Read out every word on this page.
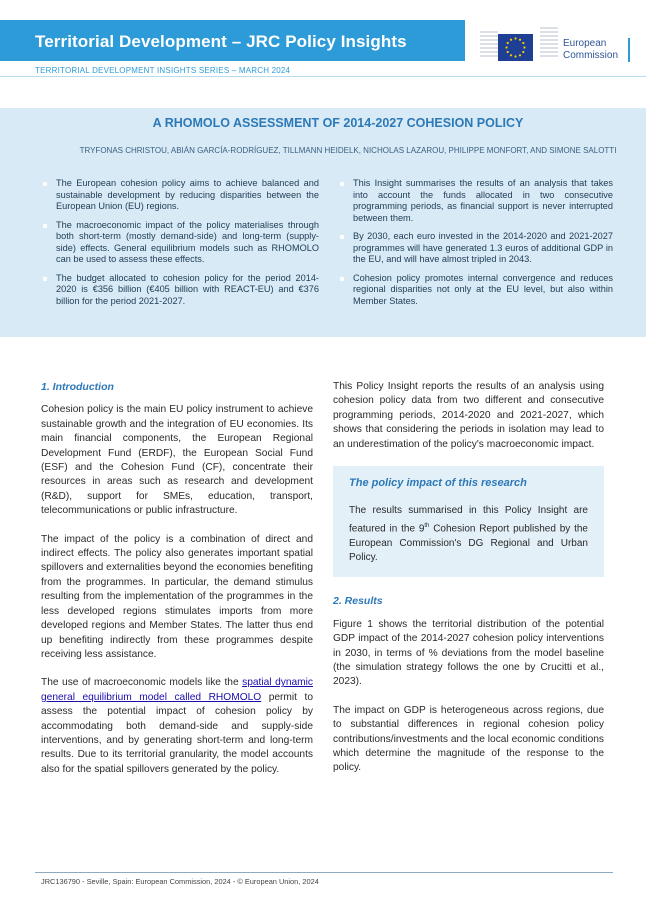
Territorial Development – JRC Policy Insights	European
Commission
TERRITORIAL DEVELOPMENT INSIGHTS SERIES – MARCH 2024
A RHOMOLO ASSESSMENT OF 2014-2027 COHESION POLICY
TRYFONAS CHRISTOU, ABIÁN GARCÍA-RODRÍGUEZ, TILLMANN HEIDELK, NICHOLAS LAZAROU, PHILIPPE MONFORT, AND SIMONE SALOTTI
The European cohesion policy aims to achieve balanced and sustainable development by reducing disparities between the European Union (EU) regions.
The macroeconomic impact of the policy materialises through both short-term (mostly demand-side) and long-term (supply-side) effects. General equilibrium models such as RHOMOLO can be used to assess these effects.
The budget allocated to cohesion policy for the period 2014-2020 is €356 billion (€405 billion with REACT-EU) and €376 billion for the period 2021-2027.
This Insight summarises the results of an analysis that takes into account the funds allocated in two consecutive programming periods, as financial support is never interrupted between them.
By 2030, each euro invested in the 2014-2020 and 2021-2027 programmes will have generated 1.3 euros of additional GDP in the EU, and will have almost tripled in 2043.
Cohesion policy promotes internal convergence and reduces regional disparities not only at the EU level, but also within Member States.
1. Introduction

Cohesion policy is the main EU policy instrument to achieve sustainable growth and the integration of EU economies. Its main financial components, the European Regional Development Fund (ERDF), the European Social Fund (ESF) and the Cohesion Fund (CF), concentrate their resources in areas such as research and development (R&D), support for SMEs, education, transport, telecommunications or public infrastructure.

The impact of the policy is a combination of direct and indirect effects. The policy also generates important spatial spillovers and externalities beyond the economies benefiting from the programmes. In particular, the demand stimulus resulting from the implementation of the programmes in the less developed regions stimulates imports from more developed regions and Member States. The latter thus end up benefiting indirectly from these programmes despite receiving less assistance.

The use of macroeconomic models like the spatial dynamic general equilibrium model called RHOMOLO permit to assess the potential impact of cohesion policy by accommodating both demand-side and supply-side interventions, and by generating short-term and long-term results. Due to its territorial granularity, the model accounts also for the spatial spillovers generated by the policy.

This Policy Insight reports the results of an analysis using cohesion policy data from two different and consecutive programming periods, 2014-2020 and 2021-2027, which shows that considering the periods in isolation may lead to an underestimation of the policy's macroeconomic impact.

The policy impact of this research

The results summarised in this Policy Insight are featured in the 9th Cohesion Report published by the European Commission's DG Regional and Urban Policy.

2. Results

Figure 1 shows the territorial distribution of the potential GDP impact of the 2014-2027 cohesion policy interventions in 2030, in terms of % deviations from the model baseline (the simulation strategy follows the one by Crucitti et al., 2023).

The impact on GDP is heterogeneous across regions, due to substantial differences in regional cohesion policy contributions/investments and the local economic conditions which determine the magnitude of the response to the policy.

JRC136790 - Seville, Spain: European Commission, 2024 - © European Union, 2024
